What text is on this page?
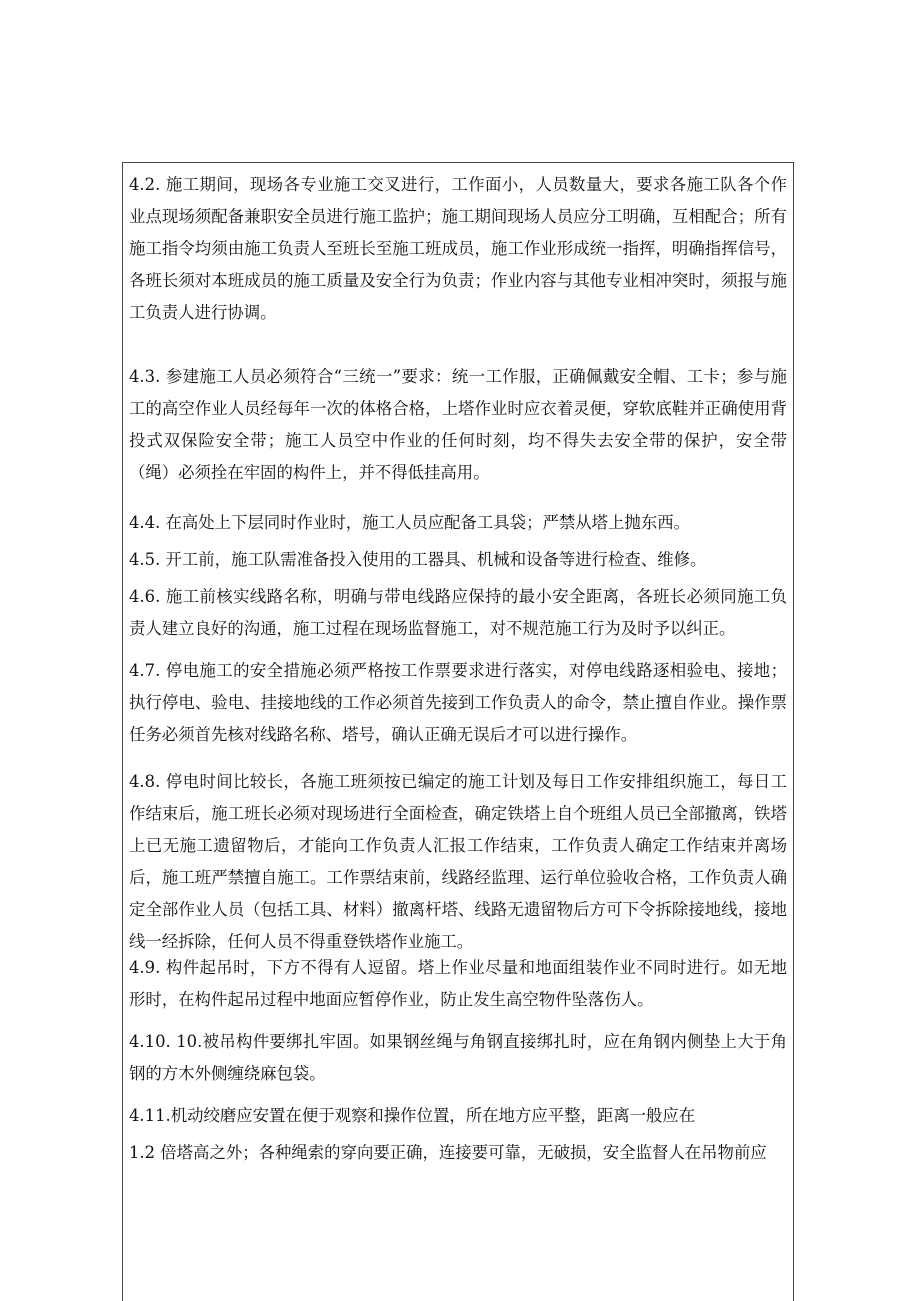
4.2. 施工期间，现场各专业施工交叉进行，工作面小，人员数量大，要求各施工队各个作业点现场须配备兼职安全员进行施工监护；施工期间现场人员应分工明确，互相配合；所有施工指令均须由施工负责人至班长至施工班成员，施工作业形成统一指挥，明确指挥信号，各班长须对本班成员的施工质量及安全行为负责；作业内容与其他专业相冲突时，须报与施工负责人进行协调。

4.3. 参建施工人员必须符合“三统一”要求：统一工作服，正确佩戴安全帽、工卡；参与施工的高空作业人员经每年一次的体格合格，上塔作业时应衣着灵便，穿软底鞋并正确使用背投式双保险安全带；施工人员空中作业的任何时刻，均不得失去安全带的保护，安全带（绳）必须拴在牢固的构件上，并不得低挂高用。

4.4. 在高处上下层同时作业时，施工人员应配备工具袋；严禁从塔上抛东西。

4.5. 开工前，施工队需准备投入使用的工器具、机械和设备等进行检查、维修。

4.6. 施工前核实线路名称，明确与带电线路应保持的最小安全距离，各班长必须同施工负责人建立良好的沟通，施工过程在现场监督施工，对不规范施工行为及时予以纠正。

4.7. 停电施工的安全措施必须严格按工作票要求进行落实，对停电线路逐相验电、接地；执行停电、验电、挂接地线的工作必须首先接到工作负责人的命令，禁止擅自作业。操作票任务必须首先核对线路名称、塔号，确认正确无误后才可以进行操作。

4.8. 停电时间比较长，各施工班须按已编定的施工计划及每日工作安排组织施工，每日工作结束后，施工班长必须对现场进行全面检查，确定铁塔上自个班组人员已全部撤离，铁塔上已无施工遗留物后，才能向工作负责人汇报工作结束，工作负责人确定工作结束并离场后，施工班严禁擅自施工。工作票结束前，线路经监理、运行单位验收合格，工作负责人确定全部作业人员（包括工具、材料）撤离杆塔、线路无遗留物后方可下令拆除接地线，接地线一经拆除，任何人员不得重登铁塔作业施工。

4.9. 构件起吊时，下方不得有人逗留。塔上作业尽量和地面组装作业不同时进行。如无地形时，在构件起吊过程中地面应暂停作业，防止发生高空物件坠落伤人。

4.10. 10.被吊构件要绑扎牢固。如果钢丝绳与角钢直接绑扎时，应在角钢内侧垫上大于角钢的方木外侧缠绕麻包袋。

4.11.机动绞磨应安置在便于观察和操作位置，所在地方应平整，距离一般应在

1.2 倍塔高之外；各种绳索的穿向要正确，连接要可靠，无破损，安全监督人在吊物前应
